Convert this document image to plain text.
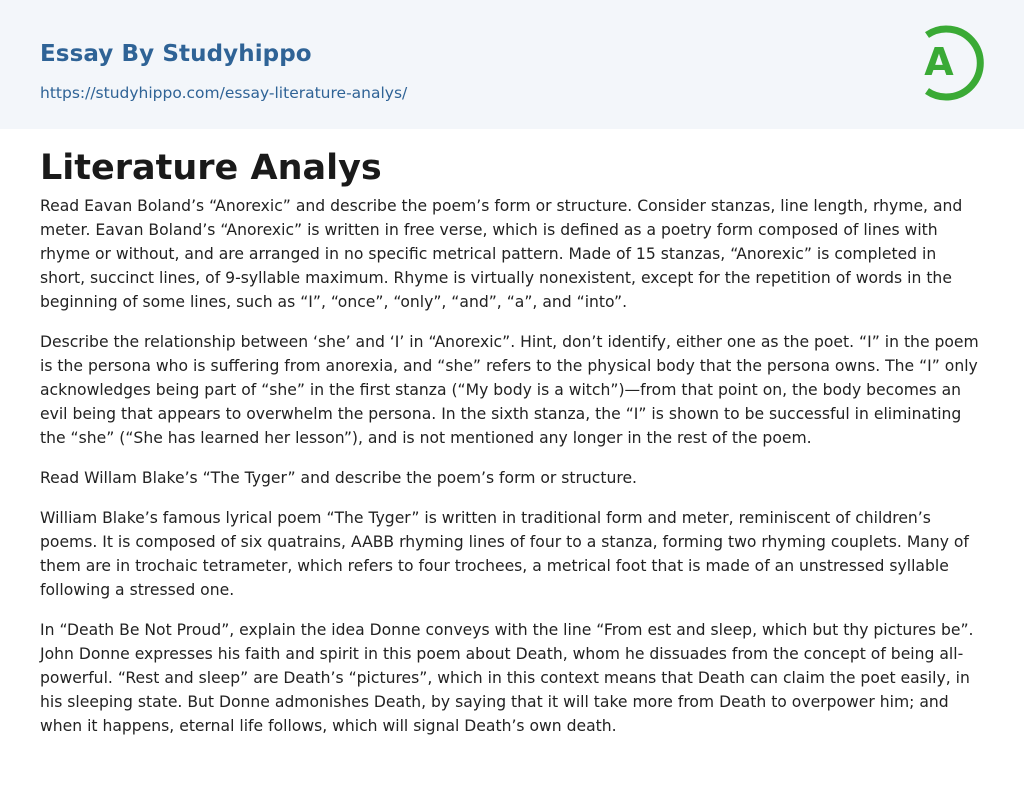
Essay By Studyhippo
https://studyhippo.com/essay-literature-analys/
A
Literature Analys

Read Eavan Boland’s “Anorexic” and describe the poem’s form or structure. Consider stanzas, line length, rhyme, and meter. Eavan Boland’s “Anorexic” is written in free verse, which is defined as a poetry form composed of lines with rhyme or without, and are arranged in no specific metrical pattern. Made of 15 stanzas, “Anorexic” is completed in short, succinct lines, of 9-syllable maximum. Rhyme is virtually nonexistent, except for the repetition of words in the beginning of some lines, such as “I”, “once”, “only”, “and”, “a”, and “into”.

Describe the relationship between ‘she’ and ‘I’ in “Anorexic”. Hint, don’t identify, either one as the poet. “I” in the poem is the persona who is suffering from anorexia, and “she” refers to the physical body that the persona owns. The “I” only acknowledges being part of “she” in the first stanza (“My body is a witch”)—from that point on, the body becomes an evil being that appears to overwhelm the persona. In the sixth stanza, the “I” is shown to be successful in eliminating the “she” (“She has learned her lesson”), and is not mentioned any longer in the rest of the poem.

Read Willam Blake’s “The Tyger” and describe the poem’s form or structure.

William Blake’s famous lyrical poem “The Tyger” is written in traditional form and meter, reminiscent of children’s poems. It is composed of six quatrains, AABB rhyming lines of four to a stanza, forming two rhyming couplets. Many of them are in trochaic tetrameter, which refers to four trochees, a metrical foot that is made of an unstressed syllable following a stressed one.

In “Death Be Not Proud”, explain the idea Donne conveys with the line “From est and sleep, which but thy pictures be”. John Donne expresses his faith and spirit in this poem about Death, whom he dissuades from the concept of being all-powerful. “Rest and sleep” are Death’s “pictures”, which in this context means that Death can claim the poet easily, in his sleeping state. But Donne admonishes Death, by saying that it will take more from Death to overpower him; and when it happens, eternal life follows, which will signal Death’s own death.
